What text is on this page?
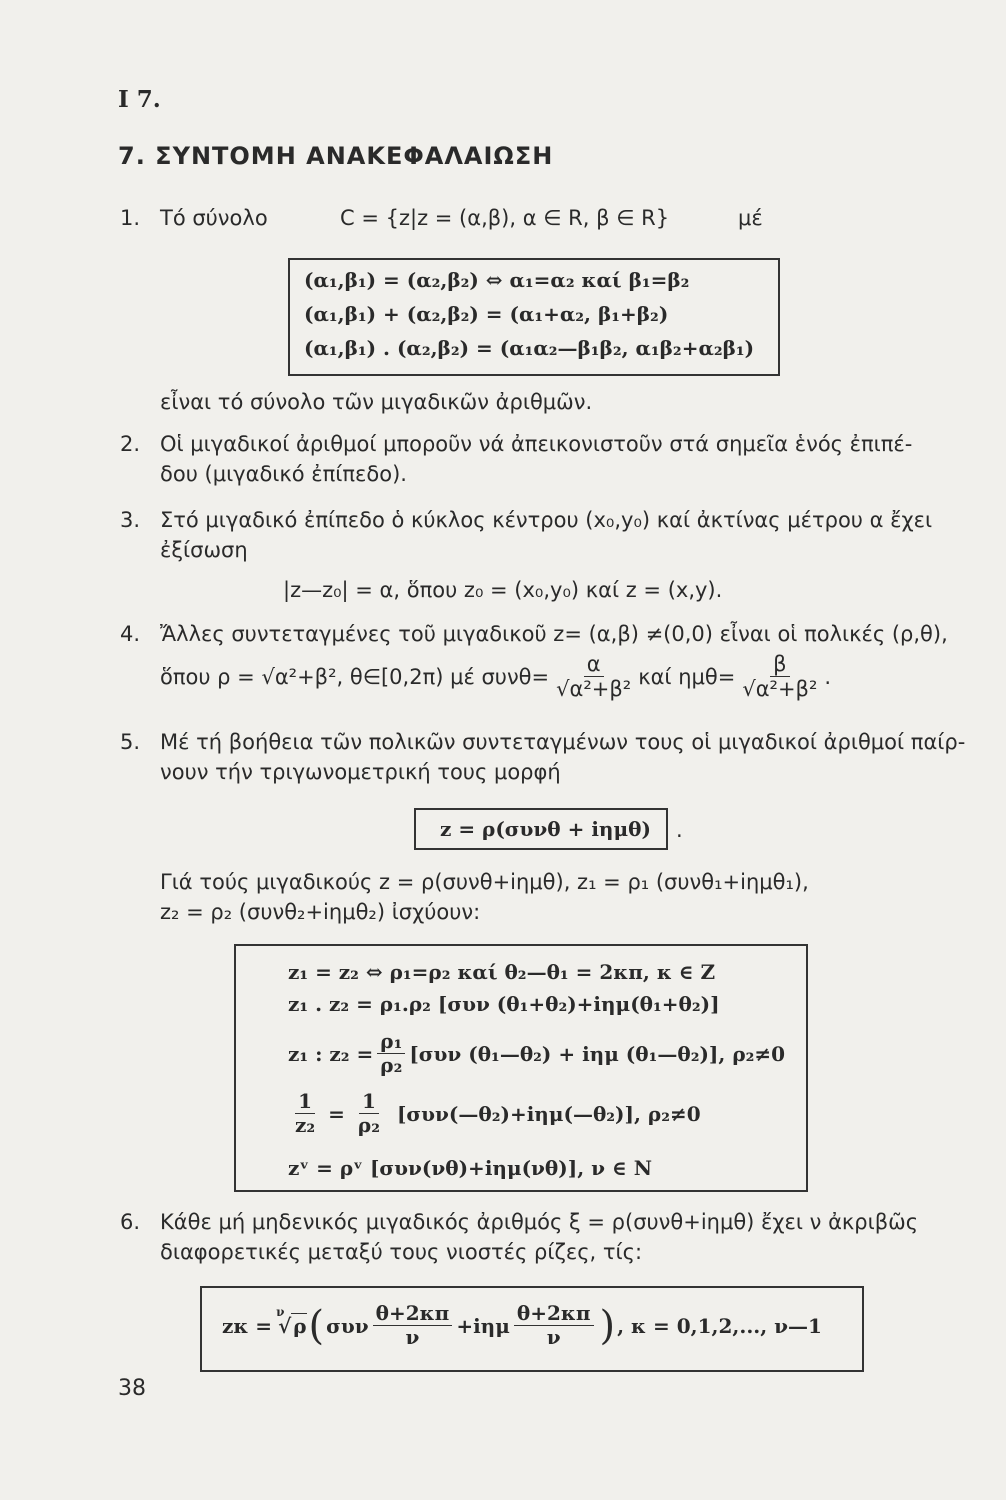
I 7.
7. ΣΥΝΤΟΜΗ ΑΝΑΚΕΦΑΛΑΙΩΣΗ
1. Τό σύνολο	C = {z|z = (α,β), α ∈ R, β ∈ R}	μέ
(α₁,β₁) = (α₂,β₂) ⇔ α₁=α₂ καί β₁=β₂
(α₁,β₁) + (α₂,β₂) = (α₁+α₂, β₁+β₂)
(α₁,β₁) . (α₂,β₂) = (α₁α₂—β₁β₂, α₁β₂+α₂β₁)
εἶναι τό σύνολο τῶν μιγαδικῶν ἀριθμῶν.
2. Οἱ μιγαδικοί ἀριθμοί μποροῦν νά ἀπεικονιστοῦν στά σημεῖα ἑνός ἐπιπέ-
δου (μιγαδικό ἐπίπεδο).
3. Στό μιγαδικό ἐπίπεδο ὁ κύκλος κέντρου (x₀,y₀) καί ἀκτίνας μέτρου α ἔχει
ἐξίσωση
|z—z₀| = α, ὅπου z₀ = (x₀,y₀) καί z = (x,y).
4. Ἄλλες συντεταγμένες τοῦ μιγαδικοῦ z= (α,β) ≠(0,0) εἶναι οἱ πολικές (ρ,θ),
ὅπου ρ = √α²+β², θ∈[0,2π) μέ $\sigma\upsilon\nu\theta= \frac{\alpha}{\text{√α²+β²}}$ καί $\eta\mu\theta= \frac{\beta}{\text{√α²+β²}}$ .
5. Μέ τή βοήθεια τῶν πολικῶν συντεταγμένων τους οἱ μιγαδικοί ἀριθμοί παίρ-
νουν τήν τριγωνομετρική τους μορφή
z = ρ(συνθ + iημθ) .
Γιά τούς μιγαδικούς z = ρ(συνθ+iημθ), z₁ = ρ₁ (συνθ₁+iημθ₁),
z₂ = ρ₂ (συνθ₂+iημθ₂) ἰσχύουν:
z₁ = z₂ ⇔ ρ₁=ρ₂ καί θ₂—θ₁ = 2κπ, κ ∈ Z
z₁ . z₂ = ρ₁.ρ₂ [συν (θ₁+θ₂)+iημ(θ₁+θ₂)]
z₁ : $z_2 = \frac{\text{ρ₁}}{\text{ρ₂}} [\sigma\upsilon\nu$ (θ₁—θ₂) + iημ (θ₁—θ₂)], ρ₂≠0
$\frac{1}{\text{z₂}} = \frac{1}{\text{ρ₂}}$ [συν(—θ₂)+iημ(—θ₂)], ρ₂≠0
zᵛ = ρᵛ [συν(νθ)+iημ(νθ)], ν ∈ N
6. Κάθε μή μηδενικός μιγαδικός ἀριθμός ξ = ρ(συνθ+iημθ) ἔχει ν ἀκριβῶς
διαφορετικές μεταξύ τους νιοστές ρίζες, τίς:
zκ =
ν
√ ρ ( συν $\frac{\theta+2\kappa\pi}{\nu} +i\eta\mu \frac{\theta+2\kappa\pi}{\nu}$ ) , κ = 0,1,2,..., ν—1
38
